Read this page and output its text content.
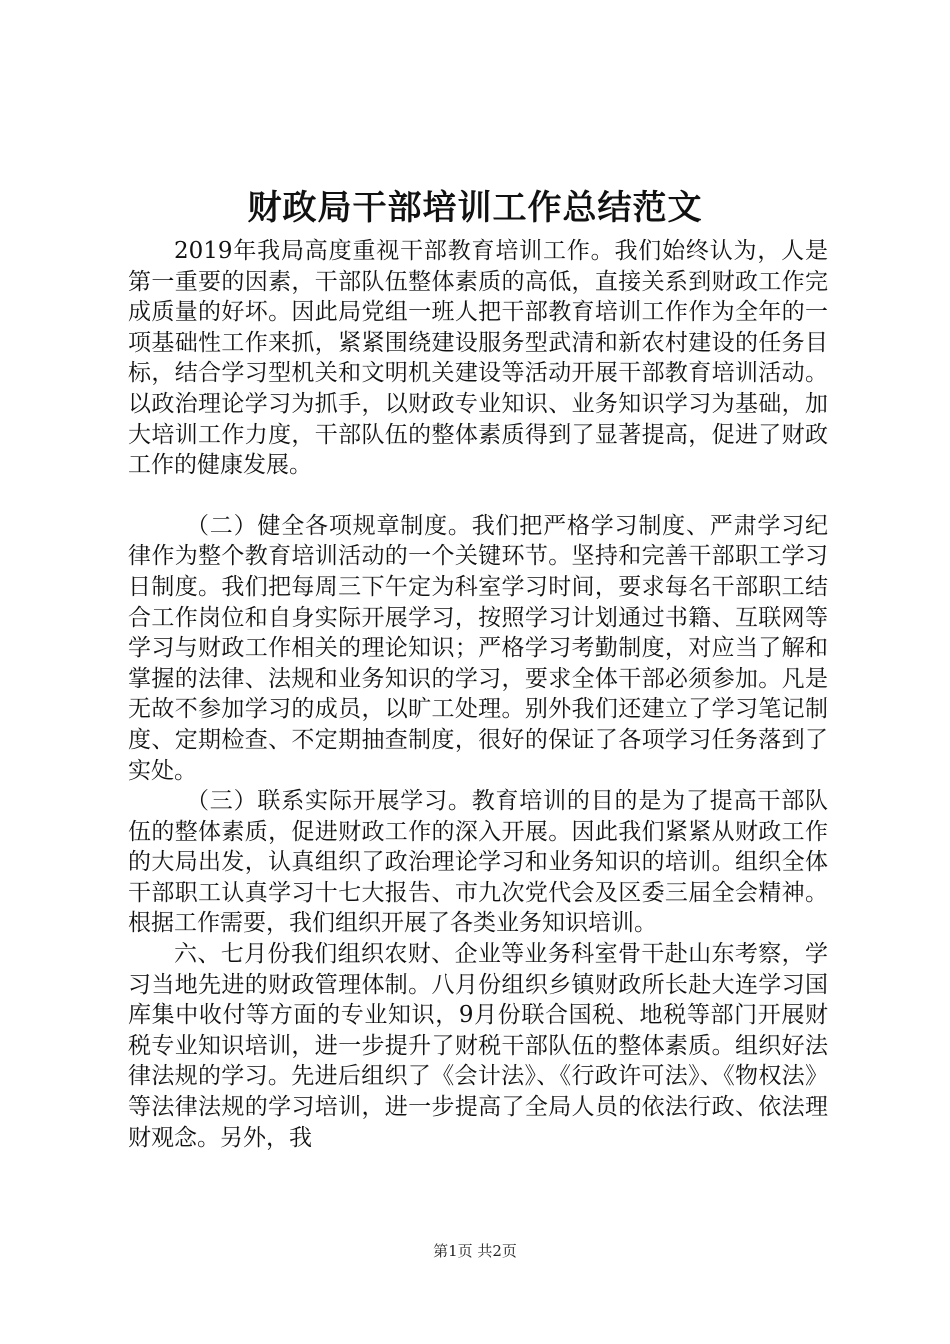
财政局干部培训工作总结范文

2019年我局高度重视干部教育培训工作。我们始终认为，人是第一重要的因素，干部队伍整体素质的高低，直接关系到财政工作完成质量的好坏。因此局党组一班人把干部教育培训工作作为全年的一项基础性工作来抓，紧紧围绕建设服务型武清和新农村建设的任务目标，结合学习型机关和文明机关建设等活动开展干部教育培训活动。以政治理论学习为抓手，以财政专业知识、业务知识学习为基础，加大培训工作力度，干部队伍的整体素质得到了显著提高，促进了财政工作的健康发展。

（二）健全各项规章制度。我们把严格学习制度、严肃学习纪律作为整个教育培训活动的一个关键环节。坚持和完善干部职工学习日制度。我们把每周三下午定为科室学习时间，要求每名干部职工结合工作岗位和自身实际开展学习，按照学习计划通过书籍、互联网等学习与财政工作相关的理论知识；严格学习考勤制度，对应当了解和掌握的法律、法规和业务知识的学习，要求全体干部必须参加。凡是无故不参加学习的成员，以旷工处理。别外我们还建立了学习笔记制度、定期检查、不定期抽查制度，很好的保证了各项学习任务落到了实处。

（三）联系实际开展学习。教育培训的目的是为了提高干部队伍的整体素质，促进财政工作的深入开展。因此我们紧紧从财政工作的大局出发，认真组织了政治理论学习和业务知识的培训。组织全体干部职工认真学习十七大报告、市九次党代会及区委三届全会精神。根据工作需要，我们组织开展了各类业务知识培训。

六、七月份我们组织农财、企业等业务科室骨干赴山东考察，学习当地先进的财政管理体制。八月份组织乡镇财政所长赴大连学习国库集中收付等方面的专业知识，9月份联合国税、地税等部门开展财税专业知识培训，进一步提升了财税干部队伍的整体素质。组织好法律法规的学习。先进后组织了《会计法》、《行政许可法》、《物权法》等法律法规的学习培训，进一步提高了全局人员的依法行政、依法理财观念。另外，我

第1页 共2页
